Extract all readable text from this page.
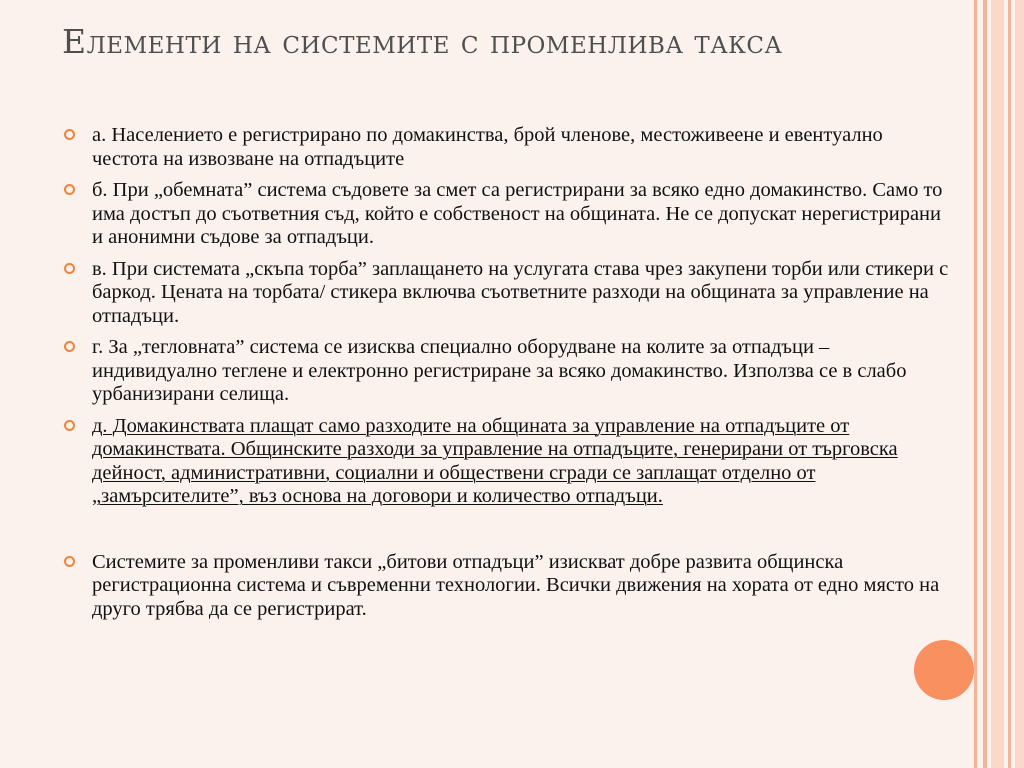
Елементи на системите с променлива такса
а. Населението е регистрирано по домакинства, брой членове, местоживеене и евентуално честота на извозване на отпадъците
б. При „обемната” система съдовете за смет са регистрирани за всяко едно домакинство. Само то има достъп до съответния съд, който е собственост на общината. Не се допускат нерегистрирани и анонимни съдове за отпадъци.
в. При системата „скъпа торба” заплащането на услугата става чрез закупени торби или стикери с баркод. Цената на торбата/ стикера включва съответните разходи на общината за управление на отпадъци.
г. За „тегловната” система се изисква специално оборудване на колите за отпадъци – индивидуално теглене и електронно регистриране за всяко домакинство. Използва се в слабо урбанизирани селища.
д. Домакинствата плащат само разходите на общината за управление на отпадъците от домакинствата. Общинските разходи за управление на отпадъците, генерирани от търговска дейност, административни, социални и обществени сгради се заплащат отделно от „замърсителите”, въз основа на договори и количество отпадъци.
Системите за променливи такси „битови отпадъци” изискват добре развита общинска регистрационна система и съвременни технологии. Всички движения на хората от едно място на друго трябва да се регистрират.
